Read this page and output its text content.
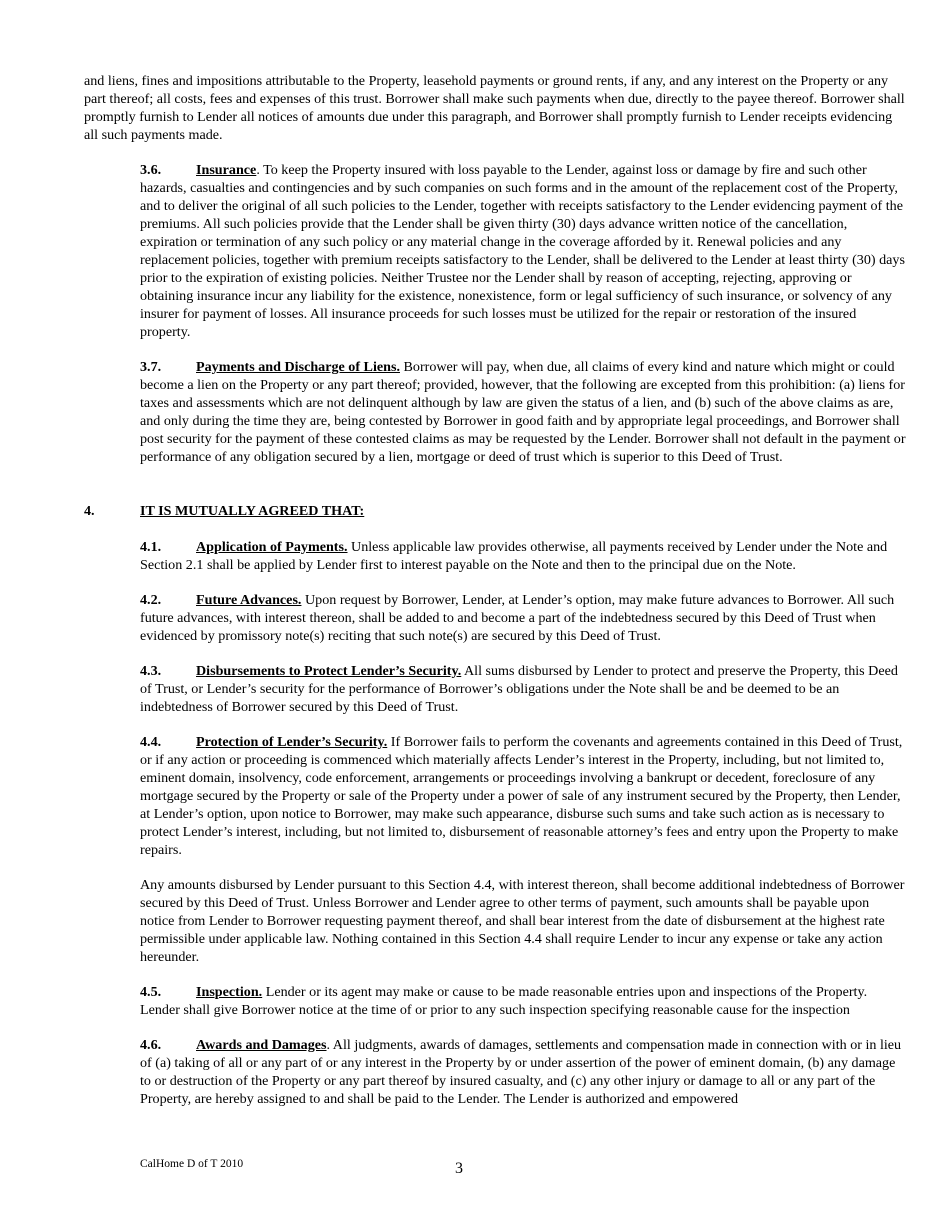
and liens, fines and impositions attributable to the Property, leasehold payments or ground rents, if any, and any interest on the Property or any part thereof; all costs, fees and expenses of this trust. Borrower shall make such payments when due, directly to the payee thereof. Borrower shall promptly furnish to Lender all notices of amounts due under this paragraph, and Borrower shall promptly furnish to Lender receipts evidencing all such payments made.

3.6. Insurance. To keep the Property insured with loss payable to the Lender, against loss or damage by fire and such other hazards, casualties and contingencies and by such companies on such forms and in the amount of the replacement cost of the Property, and to deliver the original of all such policies to the Lender, together with receipts satisfactory to the Lender evidencing payment of the premiums. All such policies provide that the Lender shall be given thirty (30) days advance written notice of the cancellation, expiration or termination of any such policy or any material change in the coverage afforded by it. Renewal policies and any replacement policies, together with premium receipts satisfactory to the Lender, shall be delivered to the Lender at least thirty (30) days prior to the expiration of existing policies. Neither Trustee nor the Lender shall by reason of accepting, rejecting, approving or obtaining insurance incur any liability for the existence, nonexistence, form or legal sufficiency of such insurance, or solvency of any insurer for payment of losses. All insurance proceeds for such losses must be utilized for the repair or restoration of the insured property.

3.7. Payments and Discharge of Liens. Borrower will pay, when due, all claims of every kind and nature which might or could become a lien on the Property or any part thereof; provided, however, that the following are excepted from this prohibition: (a) liens for taxes and assessments which are not delinquent although by law are given the status of a lien, and (b) such of the above claims as are, and only during the time they are, being contested by Borrower in good faith and by appropriate legal proceedings, and Borrower shall post security for the payment of these contested claims as may be requested by the Lender. Borrower shall not default in the payment or performance of any obligation secured by a lien, mortgage or deed of trust which is superior to this Deed of Trust.

4.	IT IS MUTUALLY AGREED THAT:

4.1. Application of Payments. Unless applicable law provides otherwise, all payments received by Lender under the Note and Section 2.1 shall be applied by Lender first to interest payable on the Note and then to the principal due on the Note.

4.2. Future Advances. Upon request by Borrower, Lender, at Lender’s option, may make future advances to Borrower. All such future advances, with interest thereon, shall be added to and become a part of the indebtedness secured by this Deed of Trust when evidenced by promissory note(s) reciting that such note(s) are secured by this Deed of Trust.

4.3. Disbursements to Protect Lender’s Security. All sums disbursed by Lender to protect and preserve the Property, this Deed of Trust, or Lender’s security for the performance of Borrower’s obligations under the Note shall be and be deemed to be an indebtedness of Borrower secured by this Deed of Trust.

4.4. Protection of Lender’s Security. If Borrower fails to perform the covenants and agreements contained in this Deed of Trust, or if any action or proceeding is commenced which materially affects Lender’s interest in the Property, including, but not limited to, eminent domain, insolvency, code enforcement, arrangements or proceedings involving a bankrupt or decedent, foreclosure of any mortgage secured by the Property or sale of the Property under a power of sale of any instrument secured by the Property, then Lender, at Lender’s option, upon notice to Borrower, may make such appearance, disburse such sums and take such action as is necessary to protect Lender’s interest, including, but not limited to, disbursement of reasonable attorney’s fees and entry upon the Property to make repairs.

Any amounts disbursed by Lender pursuant to this Section 4.4, with interest thereon, shall become additional indebtedness of Borrower secured by this Deed of Trust. Unless Borrower and Lender agree to other terms of payment, such amounts shall be payable upon notice from Lender to Borrower requesting payment thereof, and shall bear interest from the date of disbursement at the highest rate permissible under applicable law. Nothing contained in this Section 4.4 shall require Lender to incur any expense or take any action hereunder.

4.5. Inspection. Lender or its agent may make or cause to be made reasonable entries upon and inspections of the Property. Lender shall give Borrower notice at the time of or prior to any such inspection specifying reasonable cause for the inspection

4.6. Awards and Damages. All judgments, awards of damages, settlements and compensation made in connection with or in lieu of (a) taking of all or any part of or any interest in the Property by or under assertion of the power of eminent domain, (b) any damage to or destruction of the Property or any part thereof by insured casualty, and (c) any other injury or damage to all or any part of the Property, are hereby assigned to and shall be paid to the Lender. The Lender is authorized and empowered

CalHome D of T 2010	3
